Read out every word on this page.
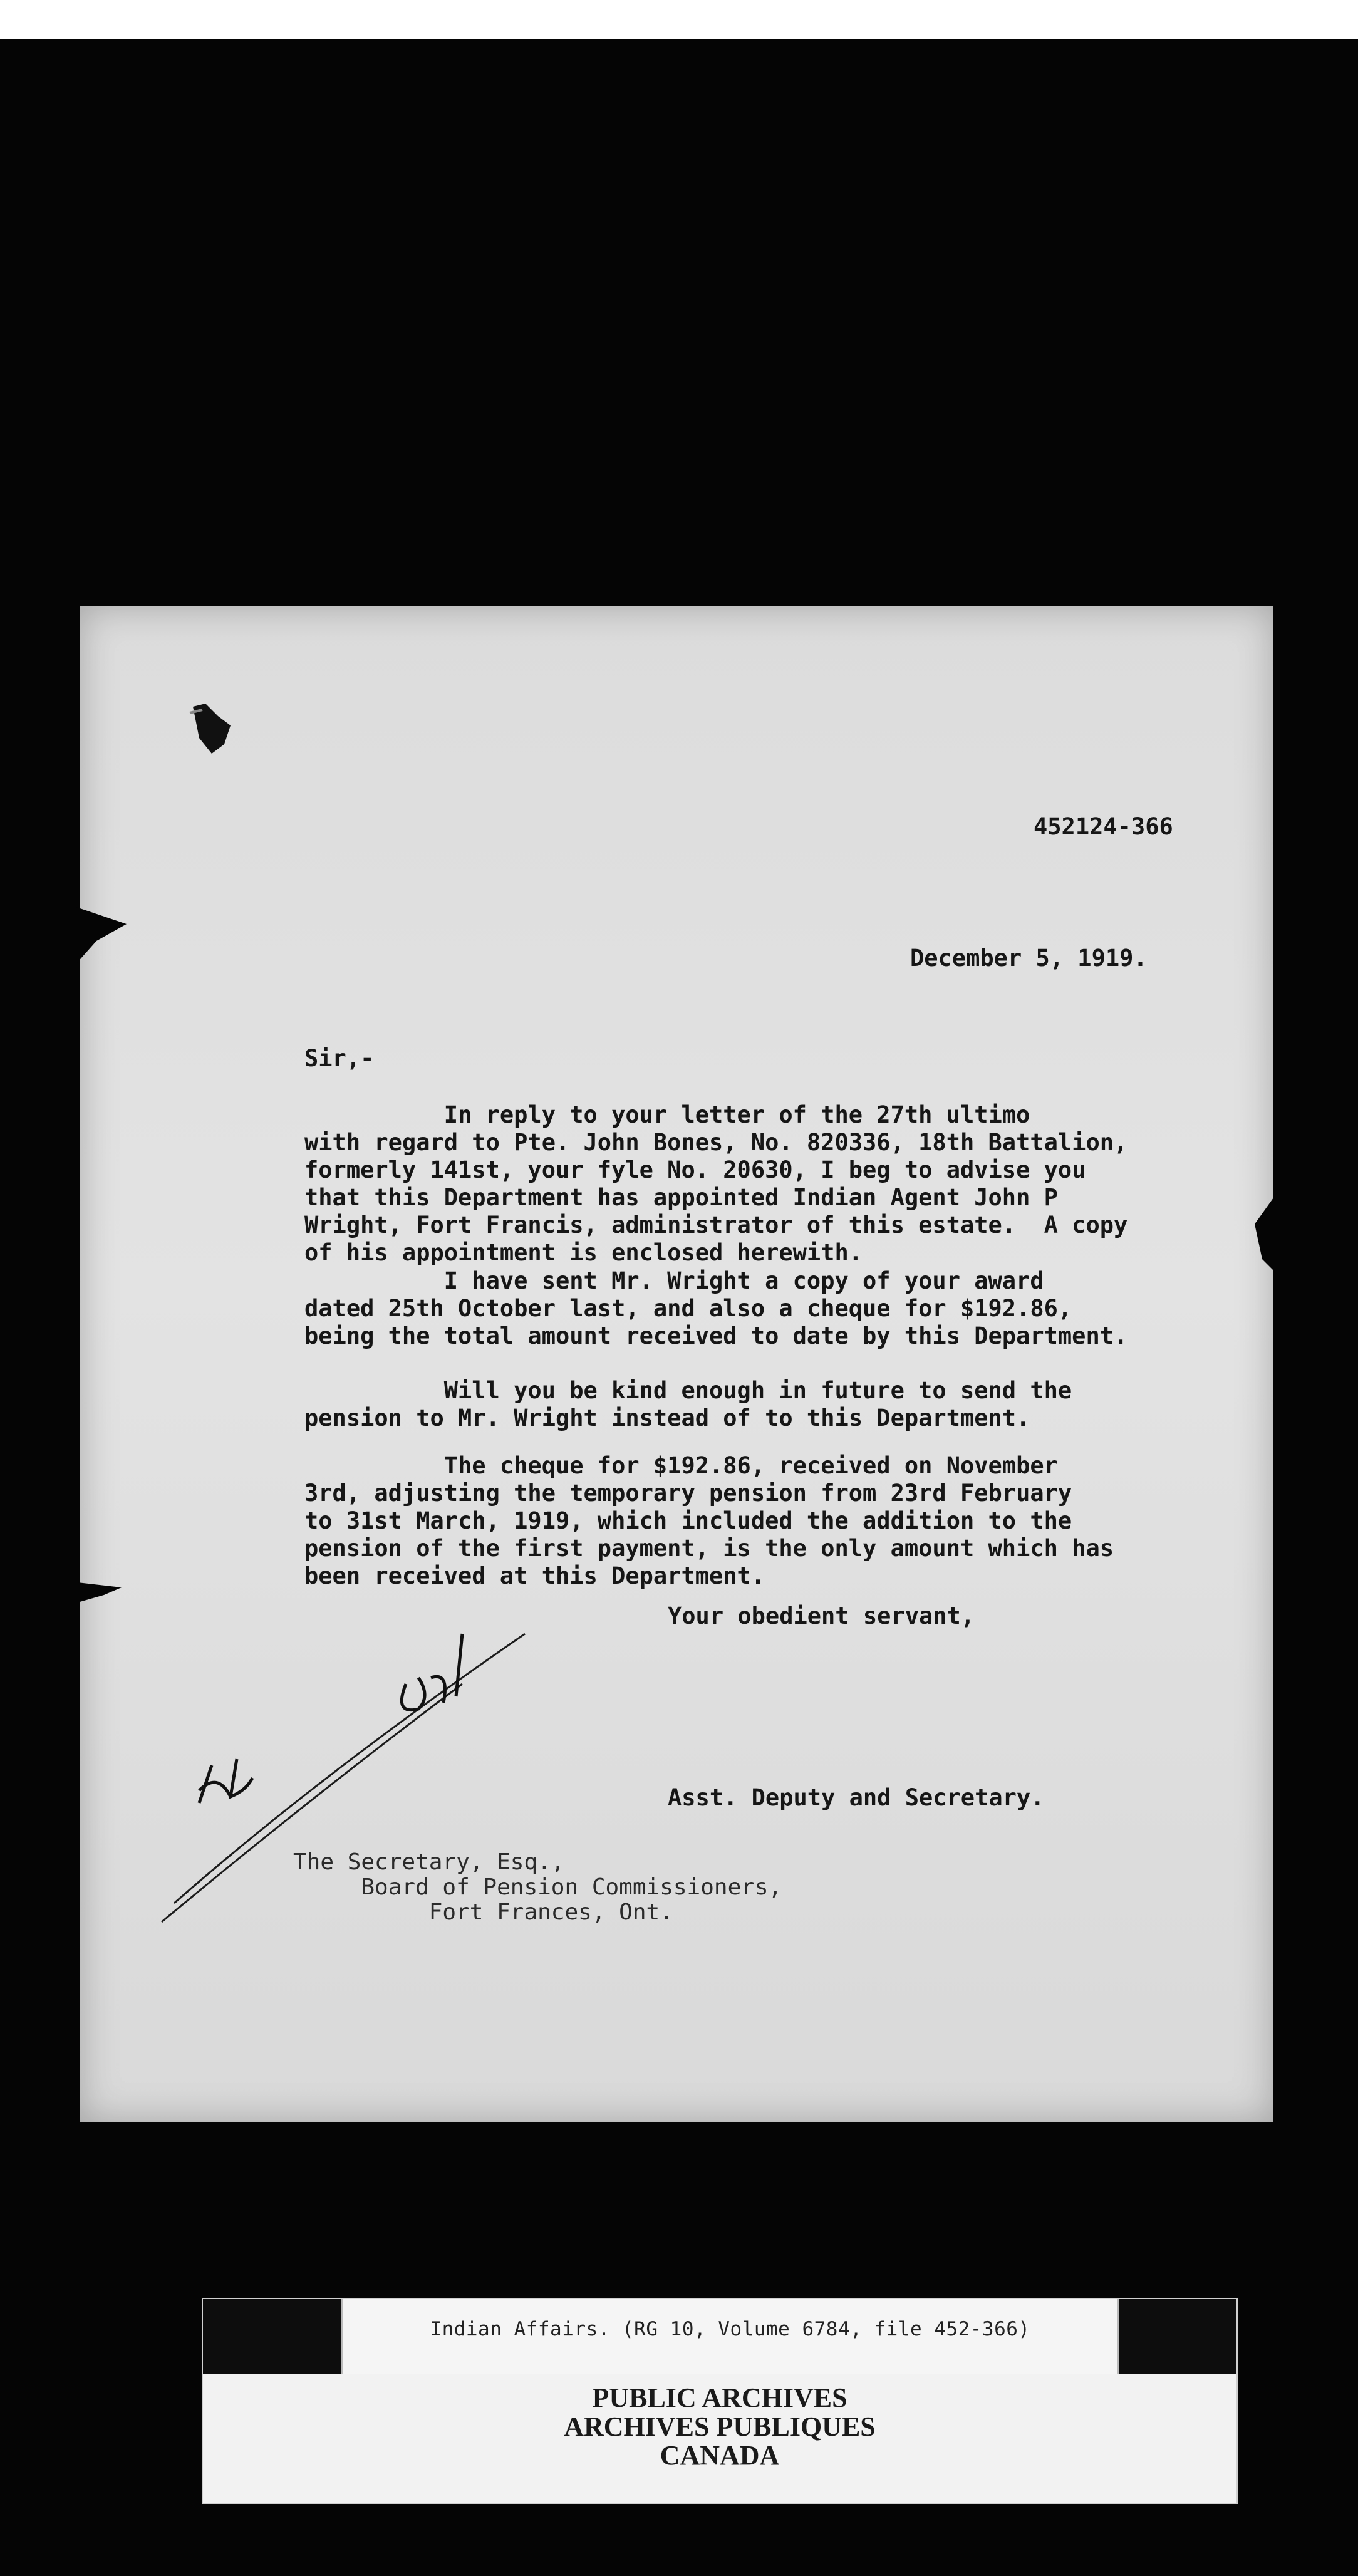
452124-366
December 5, 1919.
Sir,-
In reply to your letter of the 27th ultimo
with regard to Pte. John Bones, No. 820336, 18th Battalion,
formerly 141st, your fyle No. 20630, I beg to advise you
that this Department has appointed Indian Agent John P
Wright, Fort Francis, administrator of this estate.  A copy
of his appointment is enclosed herewith.
I have sent Mr. Wright a copy of your award
dated 25th October last, and also a cheque for $192.86,
being the total amount received to date by this Department.
Will you be kind enough in future to send the
pension to Mr. Wright instead of to this Department.
The cheque for $192.86, received on November
3rd, adjusting the temporary pension from 23rd February
to 31st March, 1919, which included the addition to the
pension of the first payment, is the only amount which has
been received at this Department.
Your obedient servant,
Asst. Deputy and Secretary.
The Secretary, Esq.,
Board of Pension Commissioners,
Fort Frances, Ont.
Indian Affairs. (RG 10, Volume 6784, file 452-366)
PUBLIC ARCHIVES
ARCHIVES PUBLIQUES
CANADA
